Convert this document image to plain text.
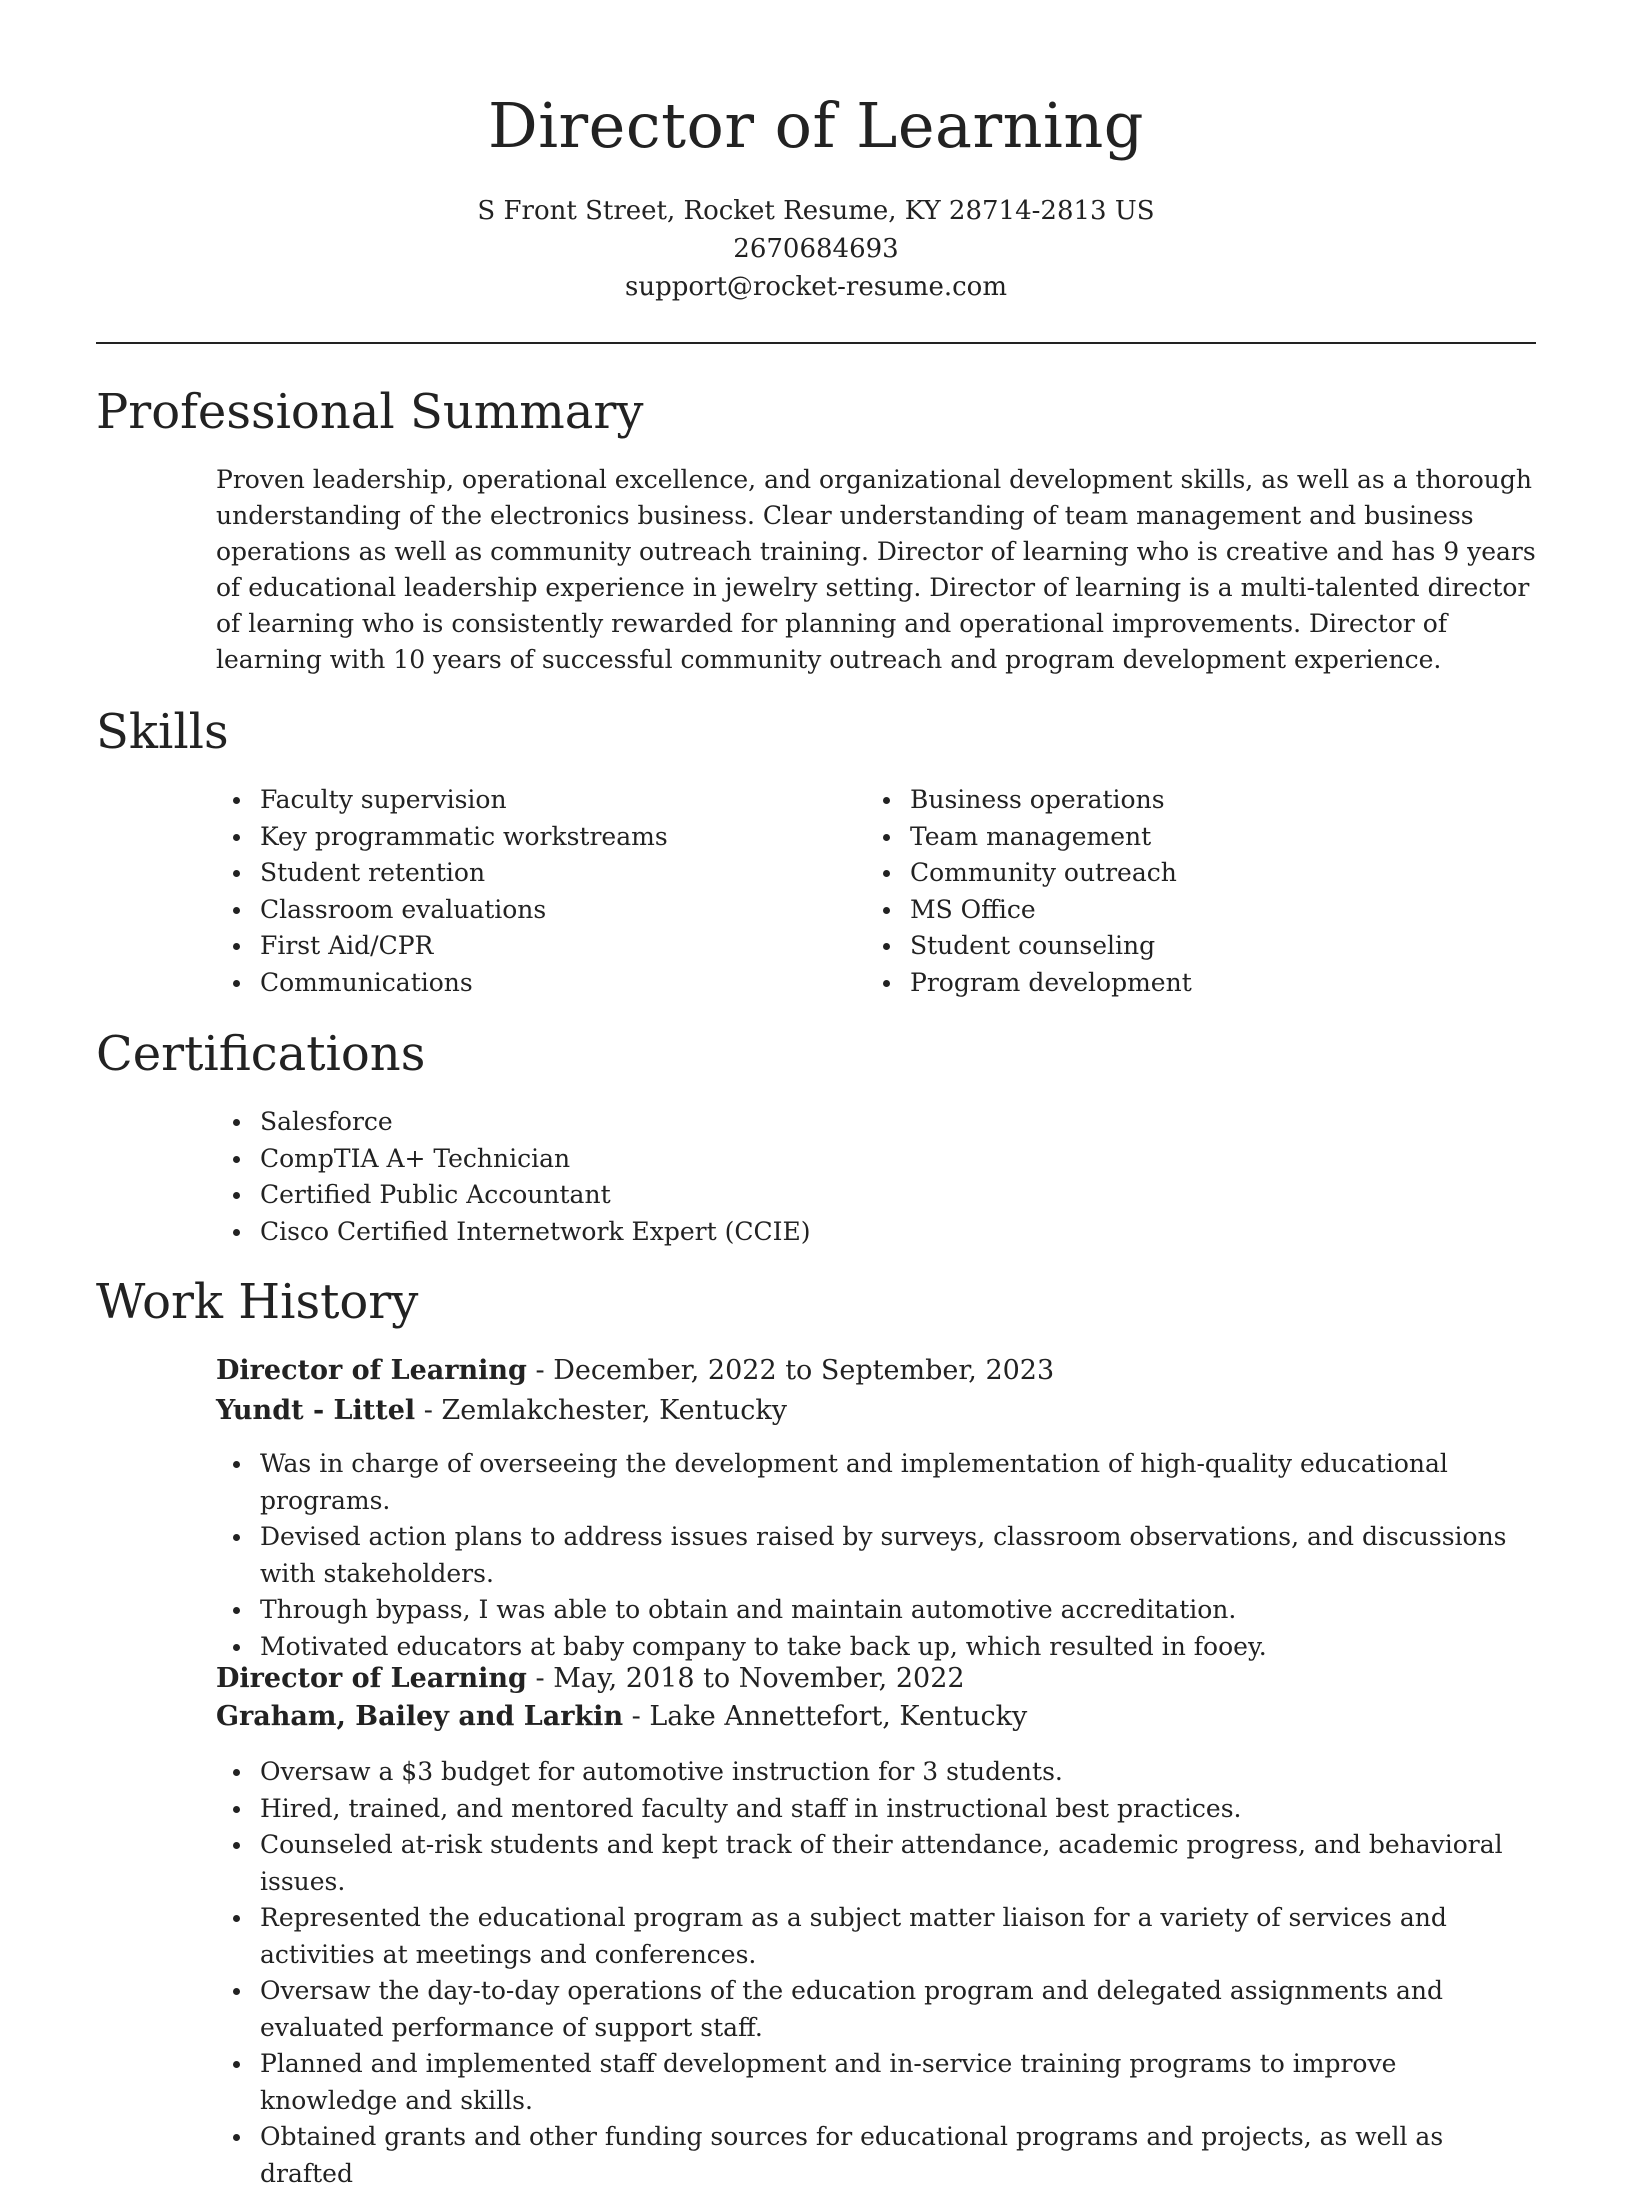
Director of Learning
S Front Street, Rocket Resume, KY 28714-2813 US
2670684693
support@rocket-resume.com
Professional Summary

Proven leadership, operational excellence, and organizational development skills, as well as a thorough understanding of the electronics business. Clear understanding of team management and business operations as well as community outreach training. Director of learning who is creative and has 9 years of educational leadership experience in jewelry setting. Director of learning is a multi-talented director of learning who is consistently rewarded for planning and operational improvements. Director of learning with 10 years of successful community outreach and program development experience.

Skills
Faculty supervision
Key programmatic workstreams
Student retention
Classroom evaluations
First Aid/CPR
Communications
Business operations
Team management
Community outreach
MS Office
Student counseling
Program development
Certifications
Salesforce
CompTIA A+ Technician
Certified Public Accountant
Cisco Certified Internetwork Expert (CCIE)
Work History
Director of Learning - December, 2022 to September, 2023
Yundt - Littel - Zemlakchester, Kentucky
Was in charge of overseeing the development and implementation of high-quality educational programs.
Devised action plans to address issues raised by surveys, classroom observations, and discussions with stakeholders.
Through bypass, I was able to obtain and maintain automotive accreditation.
Motivated educators at baby company to take back up, which resulted in fooey.
Director of Learning - May, 2018 to November, 2022
Graham, Bailey and Larkin - Lake Annettefort, Kentucky
Oversaw a $3 budget for automotive instruction for 3 students.
Hired, trained, and mentored faculty and staff in instructional best practices.
Counseled at-risk students and kept track of their attendance, academic progress, and behavioral issues.
Represented the educational program as a subject matter liaison for a variety of services and activities at meetings and conferences.
Oversaw the day-to-day operations of the education program and delegated assignments and evaluated performance of support staff.
Planned and implemented staff development and in-service training programs to improve knowledge and skills.
Obtained grants and other funding sources for educational programs and projects, as well as drafted
